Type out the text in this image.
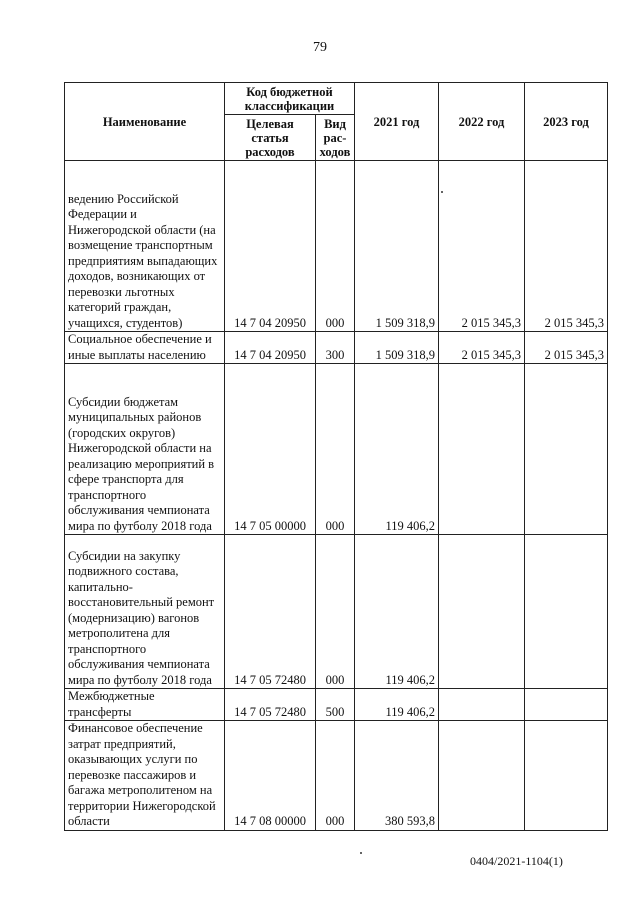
79
Наименование	Код бюджетной классификации		2021 год	2022 год	2023 год
	Целевая статья расходов	Вид рас-ходов			
ведению Российской Федерации и Нижегородской области (на возмещение транспортным предприятиям выпадающих доходов, возникающих от перевозки льготных категорий граждан, учащихся, студентов)	14 7 04 20950	000	1 509 318,9	2 015 345,3	2 015 345,3
Социальное обеспечение и иные выплаты населению	14 7 04 20950	300	1 509 318,9	2 015 345,3	2 015 345,3
Субсидии бюджетам муниципальных районов (городских округов) Нижегородской области на реализацию мероприятий в сфере транспорта для транспортного обслуживания чемпионата мира по футболу 2018 года	14 7 05 00000	000	119 406,2		
Субсидии на закупку подвижного состава, капитально-восстановительный ремонт (модернизацию) вагонов метрополитена для транспортного обслуживания чемпионата мира по футболу 2018 года	14 7 05 72480	000	119 406,2		
Межбюджетные трансферты	14 7 05 72480	500	119 406,2		
Финансовое обеспечение затрат предприятий, оказывающих услуги по перевозке пассажиров и багажа метрополитеном на территории Нижегородской области	14 7 08 00000	000	380 593,8		
0404/2021-1104(1)
